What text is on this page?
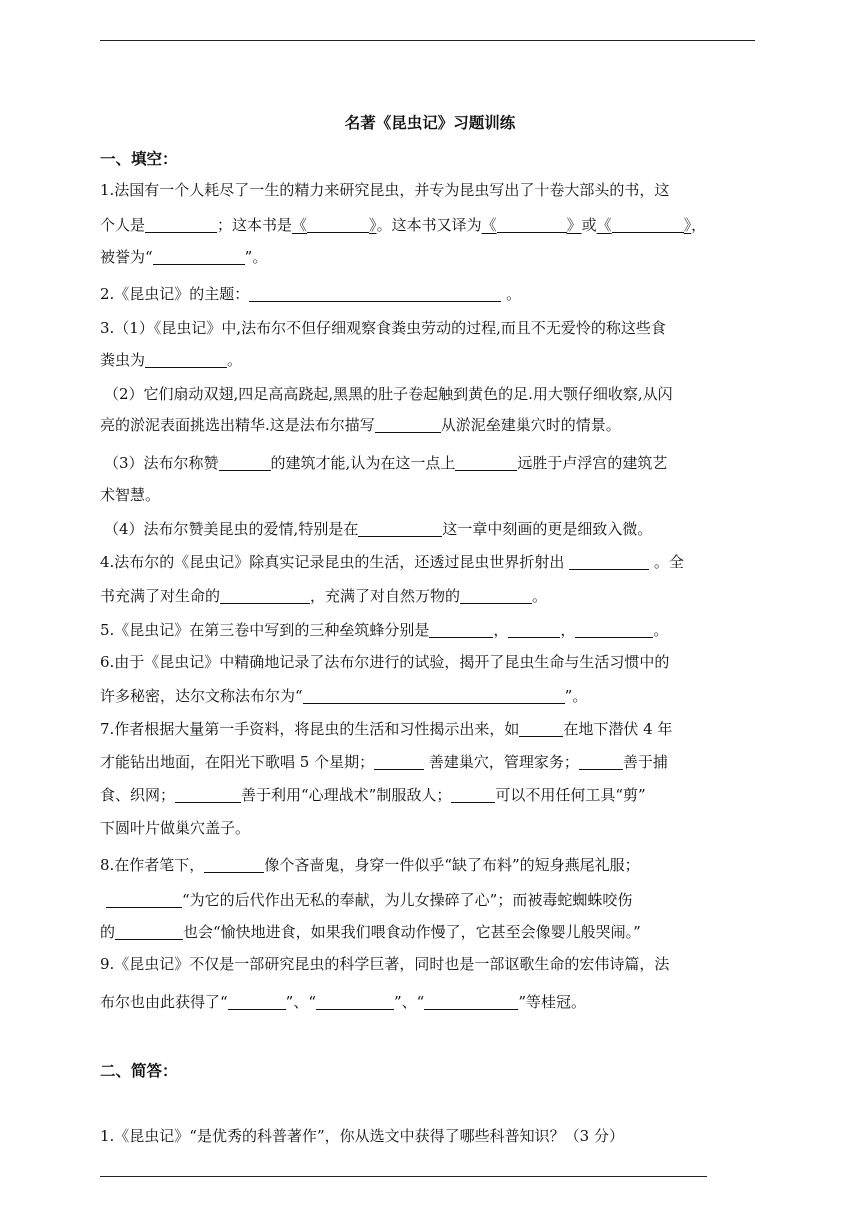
名著《昆虫记》习题训练
一、填空：
1.法国有一个人耗尽了一生的精力来研究昆虫，并专为昆虫写出了十卷大部头的书，这
个人是	；这本书是《	》。这本书又译为《	》或《	》，
被誉为“	”。
2.《昆虫记》的主题：	。
3.（1）《昆虫记》中,法布尔不但仔细观察食粪虫劳动的过程,而且不无爱怜的称这些食
粪虫为	。
（2）它们扇动双翅,四足高高跷起,黑黑的肚子卷起触到黄色的足.用大颚仔细收察,从闪
亮的淤泥表面挑选出精华.这是法布尔描写	从淤泥垒建巢穴时的情景。
（3）法布尔称赞	的建筑才能,认为在这一点上	远胜于卢浮宫的建筑艺
术智慧。
（4）法布尔赞美昆虫的爱情,特别是在	这一章中刻画的更是细致入微。
4.法布尔的《昆虫记》除真实记录昆虫的生活，还透过昆虫世界折射出	。全
书充满了对生命的	，充满了对自然万物的	。
5.《昆虫记》在第三卷中写到的三种垒筑蜂分别是	，	，	。
6.由于《昆虫记》中精确地记录了法布尔进行的试验，揭开了昆虫生命与生活习惯中的
许多秘密，达尔文称法布尔为“	”。
7.作者根据大量第一手资料，将昆虫的生活和习性揭示出来，如	在地下潜伏 4 年
才能钻出地面，在阳光下歌唱 5 个星期；	善建巢穴，管理家务；	善于捕
食、织网；	善于利用“心理战术”制服敌人；	可以不用任何工具“剪”
下圆叶片做巢穴盖子。
8.在作者笔下，	像个吝啬鬼，身穿一件似乎“缺了布料”的短身燕尾礼服；
“为它的后代作出无私的奉献，为儿女操碎了心”；而被毒蛇蜘蛛咬伤
的	也会“愉快地进食，如果我们喂食动作慢了，它甚至会像婴儿般哭闹。”
9.《昆虫记》不仅是一部研究昆虫的科学巨著，同时也是一部讴歌生命的宏伟诗篇，法
布尔也由此获得了“	”、“	”、“	”等桂冠。
二、简答：
1.《昆虫记》“是优秀的科普著作”，你从选文中获得了哪些科普知识？（3 分）
